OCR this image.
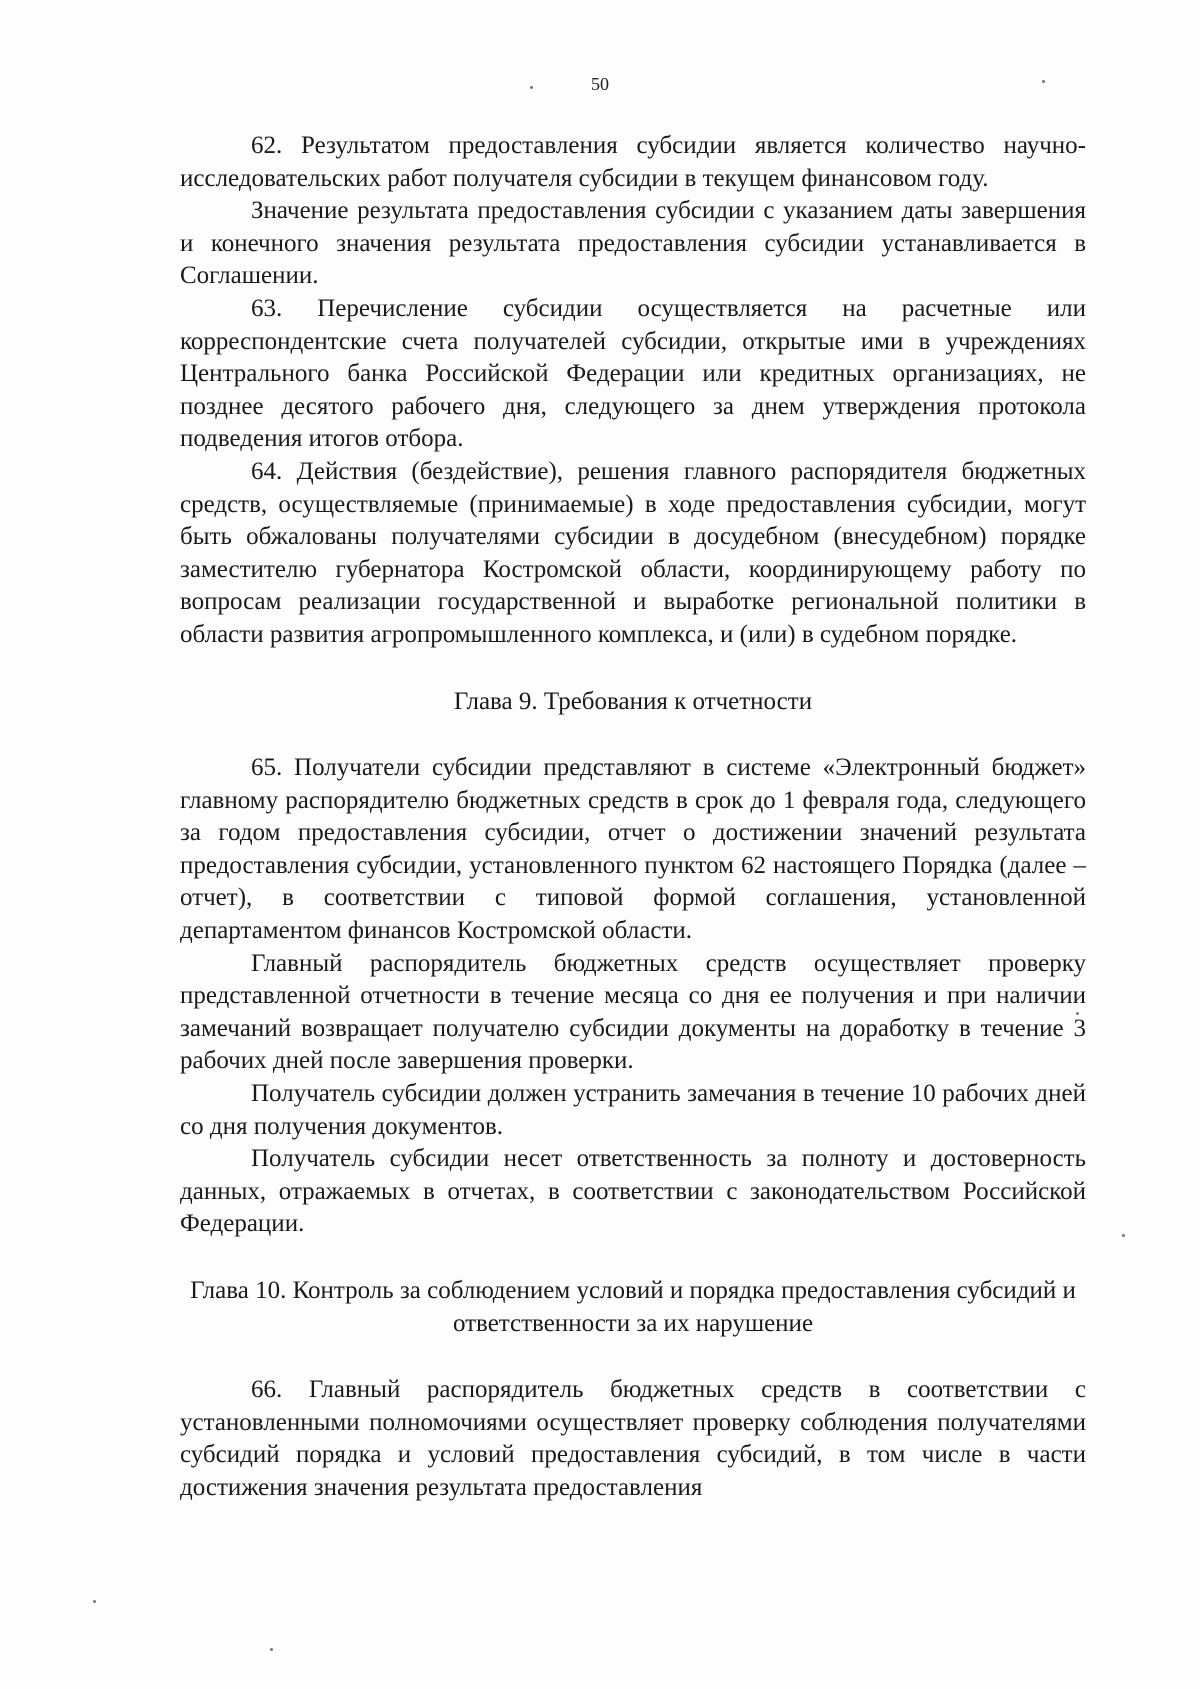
50

62. Результатом предоставления субсидии является количество научно-исследовательских работ получателя субсидии в текущем финансовом году.

Значение результата предоставления субсидии с указанием даты завершения и конечного значения результата предоставления субсидии устанавливается в Соглашении.

63. Перечисление субсидии осуществляется на расчетные или корреспондентские счета получателей субсидии, открытые ими в учреждениях Центрального банка Российской Федерации или кредитных организациях, не позднее десятого рабочего дня, следующего за днем утверждения протокола подведения итогов отбора.

64. Действия (бездействие), решения главного распорядителя бюджетных средств, осуществляемые (принимаемые) в ходе предоставления субсидии, могут быть обжалованы получателями субсидии в досудебном (внесудебном) порядке заместителю губернатора Костромской области, координирующему работу по вопросам реализации государственной и выработке региональной политики в области развития агропромышленного комплекса, и (или) в судебном порядке.

Глава 9. Требования к отчетности

65. Получатели субсидии представляют в системе «Электронный бюджет» главному распорядителю бюджетных средств в срок до 1 февраля года, следующего за годом предоставления субсидии, отчет о достижении значений результата предоставления субсидии, установленного пунктом 62 настоящего Порядка (далее – отчет), в соответствии с типовой формой соглашения, установленной департаментом финансов Костромской области.

Главный распорядитель бюджетных средств осуществляет проверку представленной отчетности в течение месяца со дня ее получения и при наличии замечаний возвращает получателю субсидии документы на доработку в течение 3 рабочих дней после завершения проверки.

Получатель субсидии должен устранить замечания в течение 10 рабочих дней со дня получения документов.

Получатель субсидии несет ответственность за полноту и достоверность данных, отражаемых в отчетах, в соответствии с законодательством Российской Федерации.

Глава 10. Контроль за соблюдением условий и порядка предоставления субсидий и ответственности за их нарушение

66. Главный распорядитель бюджетных средств в соответствии с установленными полномочиями осуществляет проверку соблюдения получателями субсидий порядка и условий предоставления субсидий, в том числе в части достижения значения результата предоставления
